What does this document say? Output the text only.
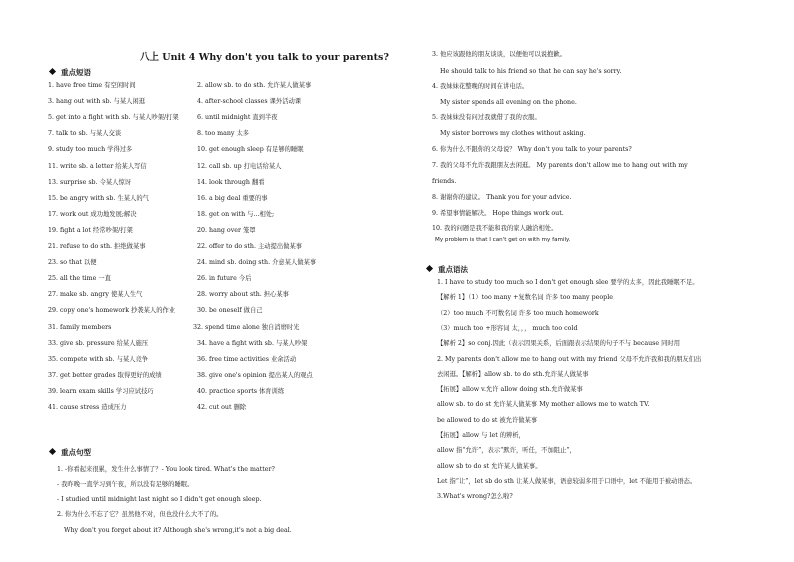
八上 Unit 4 Why don't you talk to your parents?
重点短语
1. have free time 有空闲时间	2. allow sb. to do sth. 允许某人做某事
3. hang out with sb. 与某人闲逛	4. after-school classes 课外活动课
5. get into a fight with sb. 与某人吵架/打架	6. until midnight 直到半夜
7. talk to sb. 与某人交谈	8. too many 太多
9. study too much 学得过多	10. get enough sleep 有足够的睡眠
11. write sb. a letter 给某人写信	12. call sb. up 打电话给某人
13. surprise sb. 令某人惊讶	14. look through 翻看
15. be angry with sb. 生某人的气	16. a big deal 重要的事
17. work out 成功地发展;解决	18. get on with 与...相处;
19. fight a lot 经常吵架/打架	20. hang over 笼罩
21. refuse to do sth. 拒绝做某事	22. offer to do sth. 主动提出做某事
23. so that 以便	24. mind sb. doing sth. 介意某人做某事
25. all the time 一直	26. in future 今后
27. make sb. angry 使某人生气	28. worry about sth. 担心某事
29. copy one's homework 抄袭某人的作业	30. be oneself 做自己
31. family members	32. spend time alone 独自消磨时光
33. give sb. pressure 给某人施压	34. have a fight with sb. 与某人吵架
35. compete with sb. 与某人竞争	36. free time activities 业余活动
37. get better grades 取得更好的成绩	38. give one's opinion 提出某人的观点
39. learn exam skills 学习应试技巧	40. practice sports 体育训练
41. cause stress 造成压力	42. cut out 删除
重点句型
1. -你看起来很累，发生什么事情了？- You look tired. What's the matter?
- 我昨晚一直学习到午夜，所以没有足够的睡眠。
- I studied until midnight last night so I didn't get enough sleep.
2. 你为什么不忘了它？虽然他不对，但也没什么大不了的。
Why don't you forget about it? Although she's wrong,it's not a big deal.
3. 他应该跟他的朋友谈谈，以便他可以说抱歉。
He should talk to his friend so that he can say he's sorry.
4. 我妹妹花整晚的时间在讲电话。
My sister spends all evening on the phone.
5. 我妹妹没有问过我就借了我的衣服。
My sister borrows my clothes without asking.
6. 你为什么不跟你的父母说？ Why don't you talk to your parents?
7. 我的父母不允许我跟朋友去闲逛。 My parents don't allow me to hang out with my
friends.
8. 谢谢你的建议。 Thank you for your advice.
9. 希望事情能解决。 Hope things work out.
10. 我的问题是我不能和我的家人融洽相处。
My problem is that I can't get on with my family.
重点语法
1. I have to study too much so I don't get enough slee 要学的太多，因此我睡眠不足。
【解析 1】（1）too many +复数名词 许多 too many people
（2）too much 不可数名词 许多 too much homework
（3）much too +形容词 太，，， much too cold
【解析 2】so conj.因此（表示因果关系，后面跟表示结果的句子不与 because 同时用
2. My parents don't allow me to hang out with my friend 父母不允许我和我的朋友们出
去闲逛。【解析】allow sb. to do sth.允许某人做某事
【拓展】allow v.允许 allow doing sth.允许做某事
allow sb. to do st 允许某人做某事 My mother allows me to watch TV.
be allowed to do st 被允许做某事
【拓展】allow 与 let 的辨析，
allow 指“允许”，表示“默许，听任，不加阻止”，
allow sb to do st 允许某人做某事。
Let 指“让”，let sb do sth 让某人做某事，语意较弱多用于口语中，let 不能用于被动语态。
3.What's wrong?怎么啦?
